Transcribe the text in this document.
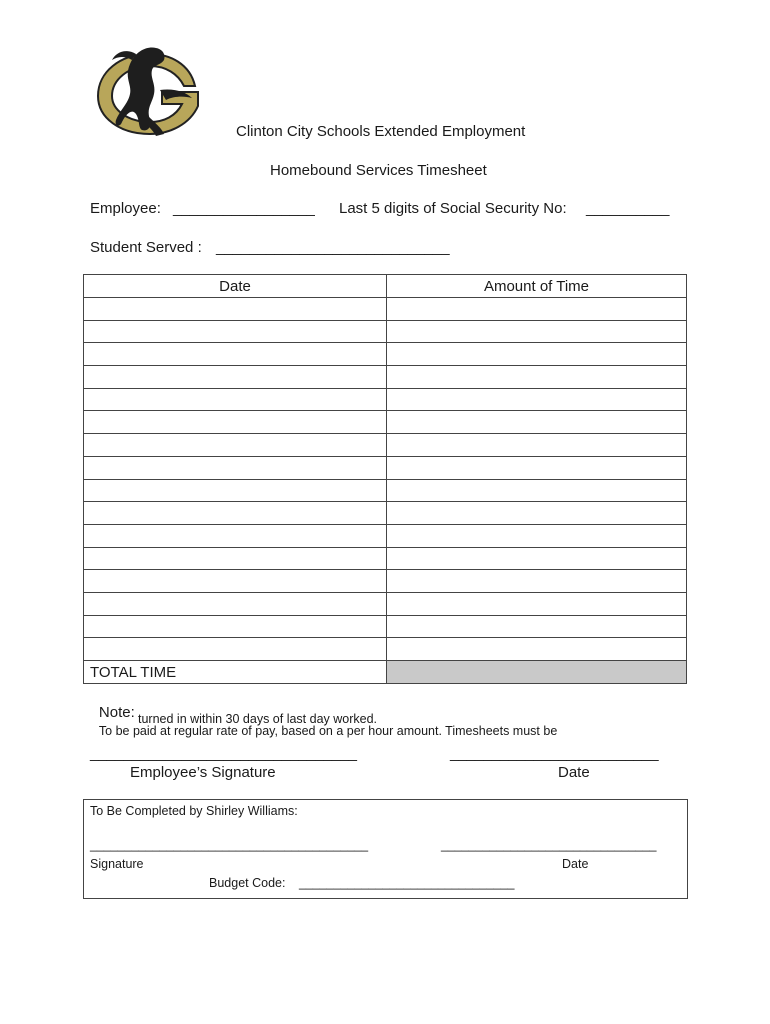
Clinton City Schools Extended Employment
Homebound Services Timesheet
Employee: _________________ Last 5 digits of Social Security No: __________
Student Served : ____________________________
Date	Amount of Time

TOTAL TIME	

Note:
To be paid at regular rate of pay, based on a per hour amount. Timesheets must be

turned in within 30 days of last day worked.
________________________________	_________________________
Employee’s Signature	Date
To Be Completed by Shirley Williams:
________________________________________	_______________________________
Signature	Date
Budget Code: _______________________________
